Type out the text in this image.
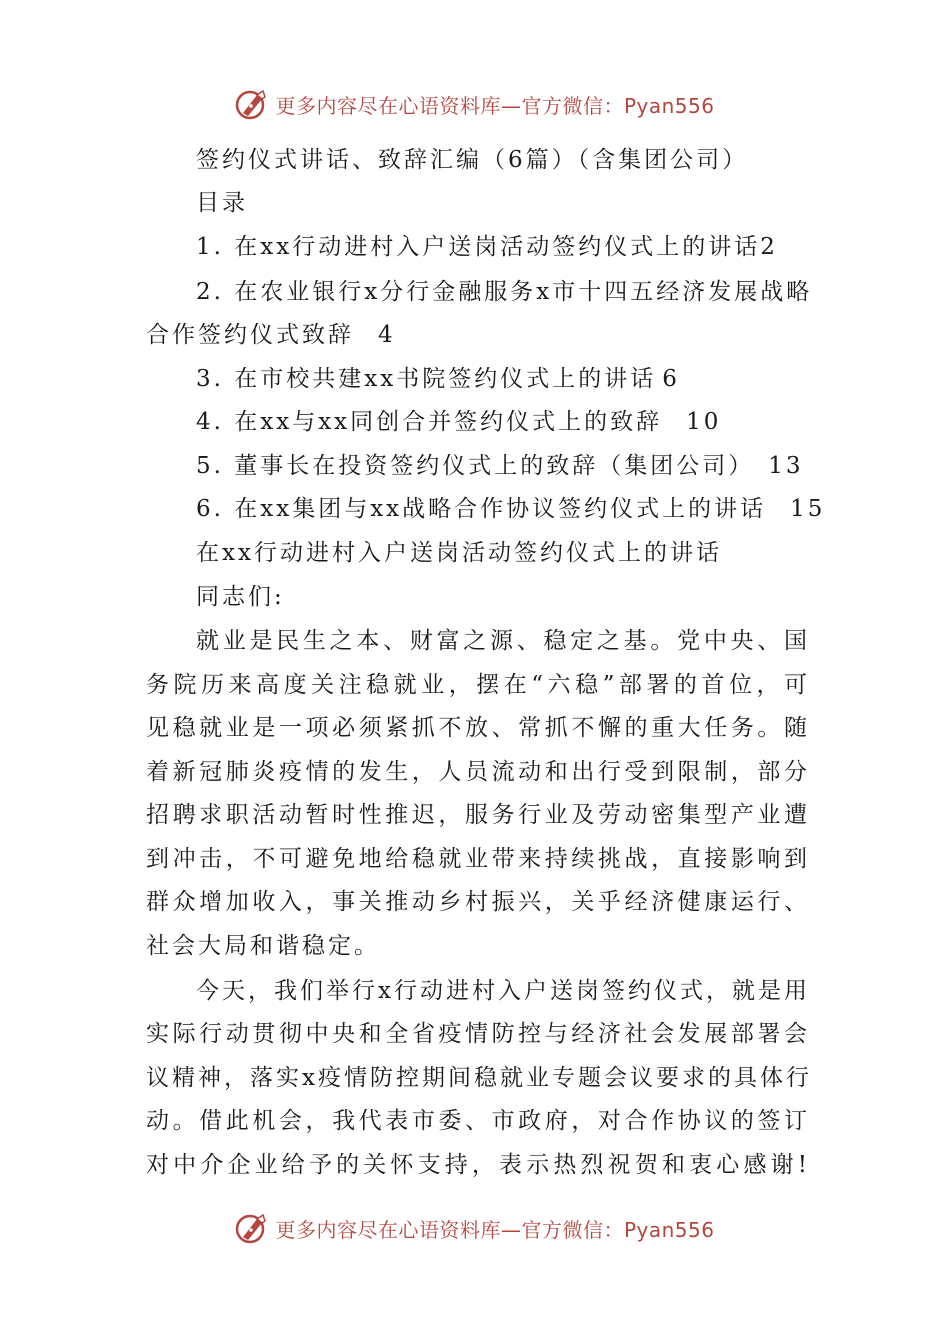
更多内容尽在心语资料库—官方微信：Pyan556
签约仪式讲话、致辞汇编（6篇）（含集团公司）
目录
1. 在xx行动进村入户送岗活动签约仪式上的讲话2
2. 在农业银行x分行金融服务x市十四五经济发展战略
合作签约仪式致辞 4
3. 在市校共建xx书院签约仪式上的讲话 6
4. 在xx与xx同创合并签约仪式上的致辞 10
5. 董事长在投资签约仪式上的致辞（集团公司） 13
6. 在xx集团与xx战略合作协议签约仪式上的讲话 15
在xx行动进村入户送岗活动签约仪式上的讲话
同志们:
就业是民生之本、财富之源、稳定之基。党中央、国
务院历来高度关注稳就业，摆在“六稳”部署的首位，可
见稳就业是一项必须紧抓不放、常抓不懈的重大任务。随
着新冠肺炎疫情的发生，人员流动和出行受到限制，部分
招聘求职活动暂时性推迟，服务行业及劳动密集型产业遭
到冲击，不可避免地给稳就业带来持续挑战，直接影响到
群众增加收入，事关推动乡村振兴，关乎经济健康运行、
社会大局和谐稳定。
今天，我们举行x行动进村入户送岗签约仪式，就是用
实际行动贯彻中央和全省疫情防控与经济社会发展部署会
议精神，落实x疫情防控期间稳就业专题会议要求的具体行
动。借此机会，我代表市委、市政府，对合作协议的签订
对中介企业给予的关怀支持，表示热烈祝贺和衷心感谢!
更多内容尽在心语资料库—官方微信：Pyan556
